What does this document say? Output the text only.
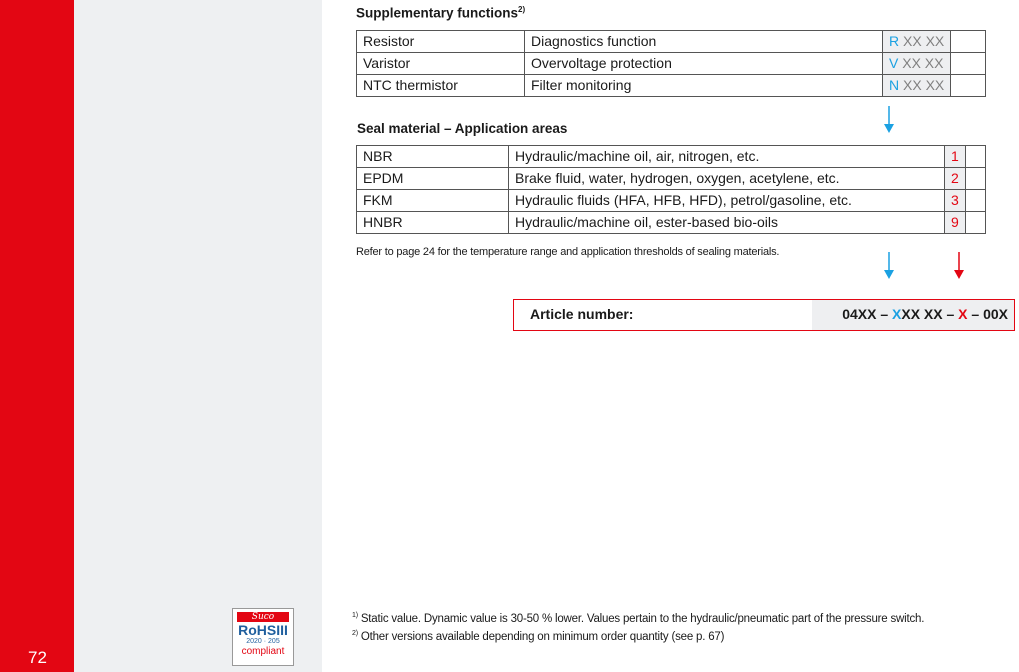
72
Suco
RoHSIII
2020 · 205
compliant
Supplementary functions$^{2)}$
Resistor	Diagnostics function	R XX XX	
Varistor	Overvoltage protection	V XX XX	
NTC thermistor	Filter monitoring	N XX XX	
Seal material – Application areas
NBR	Hydraulic/machine oil, air, nitrogen, etc.	1	
EPDM	Brake fluid, water, hydrogen, oxygen, acetylene, etc.	2	
FKM	Hydraulic fluids (HFA, HFB, HFD), petrol/gasoline, etc.	3	
HNBR	Hydraulic/machine oil, ester-based bio-oils	9	
Refer to page 24 for the temperature range and application thresholds of sealing materials.
Article number:	04XX – XXX XX – X – 00X
$^{1)}$ Static value. Dynamic value is 30-50 % lower. Values pertain to the hydraulic/pneumatic part of the pressure switch.
$^{2)}$ Other versions available depending on minimum order quantity (see p. 67)
